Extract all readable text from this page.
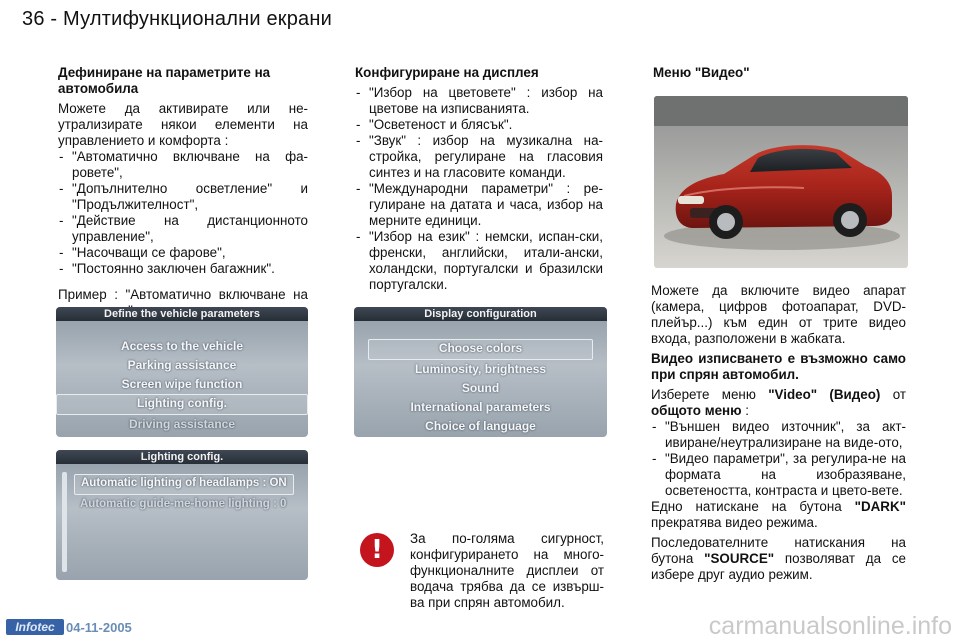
36 - Мултифункционални екрани
Дефиниране на параметрите на автомобила

Можете да активирате или не-утрализирате някои елементи на управлението и комфорта :

- "Автоматично включване на фа-ровете",
- "Допълнително осветление" и "Продължителност",
- "Действие на дистанционното управление",
- "Насочващи се фарове",
- "Постоянно заключен багажник".

Пример : "Автоматично включване на

Конфигуриране на дисплея
- "Избор на цветовете" : избор на цветове на изписванията.
- "Осветеност и блясък".
- "Звук" : избор на музикална на-стройка, регулиране на гласовия синтез и на гласовите команди.
- "Международни параметри" : ре-гулиране на датата и часа, избор на мерните единици.
- "Избор на език" : немски, испан-ски, френски, английски, итали-ански, холандски, португалски и бразилски португалски.
Меню "Видео"

Можете да включите видео апарат (камера, цифров фотоапарат, DVD-плейър...) към един от трите видео входа, разположени в жабката.

Видео изписването е възможно само при спрян автомобил.

Изберете меню "Video" (Видео) от общото меню :

- "Външен видео източник", за акт-ивиране/неутрализиране на виде-ото,
- "Видео параметри", за регулира-не на формата на изобразяване, осветеността, контраста и цвето-вете.

Едно натискане на бутона "DARK" прекратява видео режима.

Последователните натискания на бутона "SOURCE" позволяват да се избере друг аудио режим.

Define the vehicle parameters
Access to the vehicle
Parking assistance
Screen wipe function
Lighting config.
Driving assistance
Display configuration
Choose colors
Luminosity, brightness
Sound
International parameters
Choice of language
Lighting config.
Automatic lighting of headlamps : ON
Automatic guide-me-home lighting : 0
!	За по-голяма сигурност, конфигурирането на много-функционалните дисплеи от водача трябва да се извърш-ва при спрян автомобил.

Infotec 04-11-2005	carmanualsonline.info
